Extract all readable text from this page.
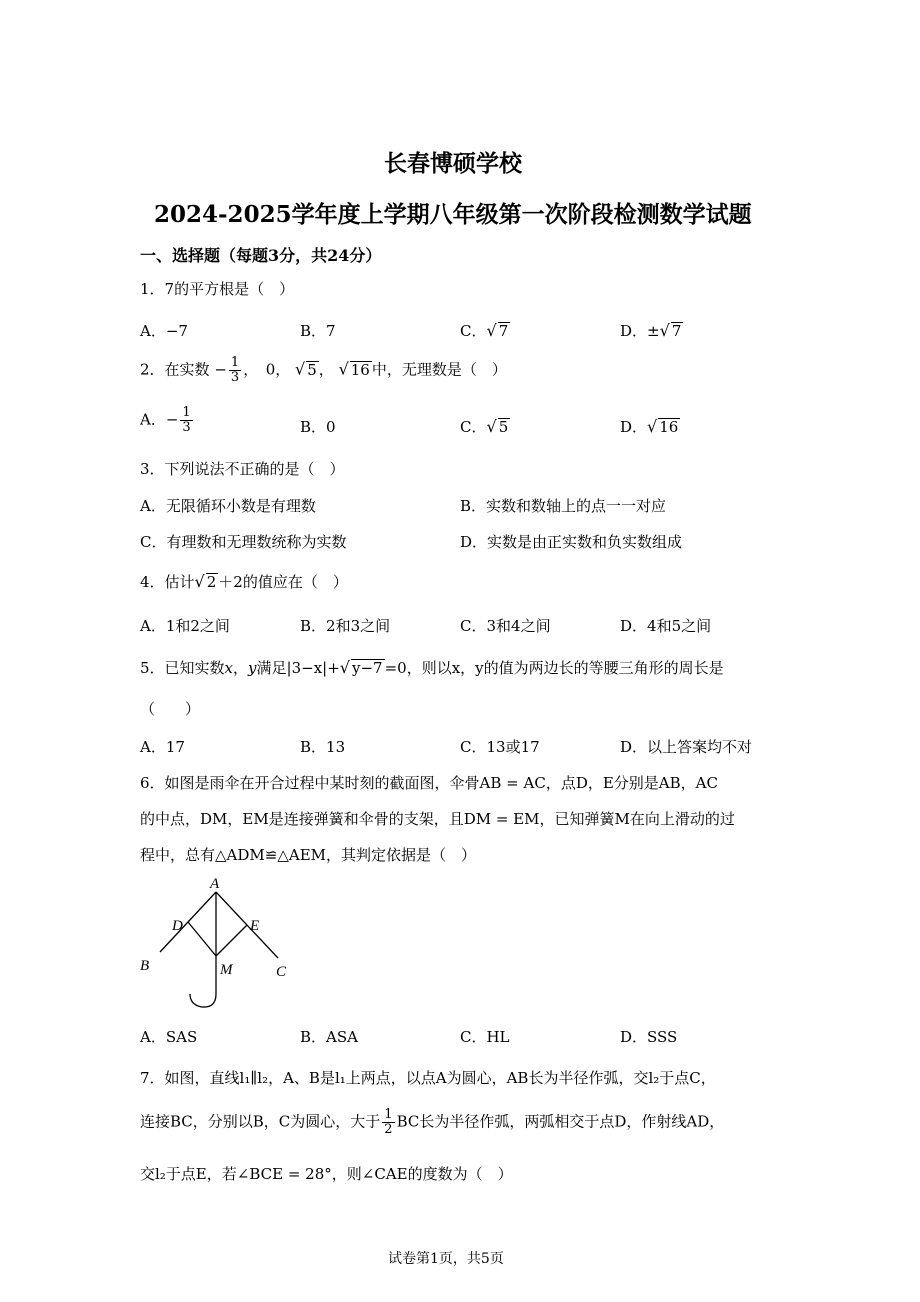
长春博硕学校
2024-2025学年度上学期八年级第一次阶段检测数学试题
一、选择题（每题3分，共24分）
1．7的平方根是（　）
A．−7	B．7	C．√ 7	D．±√ 7
2．在实数 − $\frac{1}{3}$ ，　0， √ 5 ， √ 16 中，无理数是（　）
A．− $\frac{1}{3}$	B．0	C．√ 5	D．√ 16
3．下列说法不正确的是（　）
A．无限循环小数是有理数	B．实数和数轴上的点一一对应
C．有理数和无理数统称为实数	D．实数是由正实数和负实数组成
4．估计√ 2 ＋2的值应在（　）
A．1和2之间	B．2和3之间	C．3和4之间	D．4和5之间
5．已知实数x，y满足|3−x|+√ y−7 =0，则以x，y的值为两边长的等腰三角形的周长是
（　　）
A．17	B．13	C．13或17	D．以上答案均不对
6．如图是雨伞在开合过程中某时刻的截面图，伞骨AB = AC，点D，E分别是AB，AC
的中点，DM，EM是连接弹簧和伞骨的支架，且DM = EM，已知弹簧M在向上滑动的过
程中，总有△ADM≌△AEM，其判定依据是（　）
A
D	E
B	M	C
A．SAS	B．ASA	C．HL	D．SSS
7．如图，直线l₁∥l₂，A、B是l₁上两点，以点A为圆心，AB长为半径作弧，交l₂于点C，
连接BC，分别以B，C为圆心，大于 $\frac{1}{2}$ BC长为半径作弧，两弧相交于点D，作射线AD，
交l₂于点E，若∠BCE = 28°，则∠CAE的度数为（　）
试卷第1页，共5页
